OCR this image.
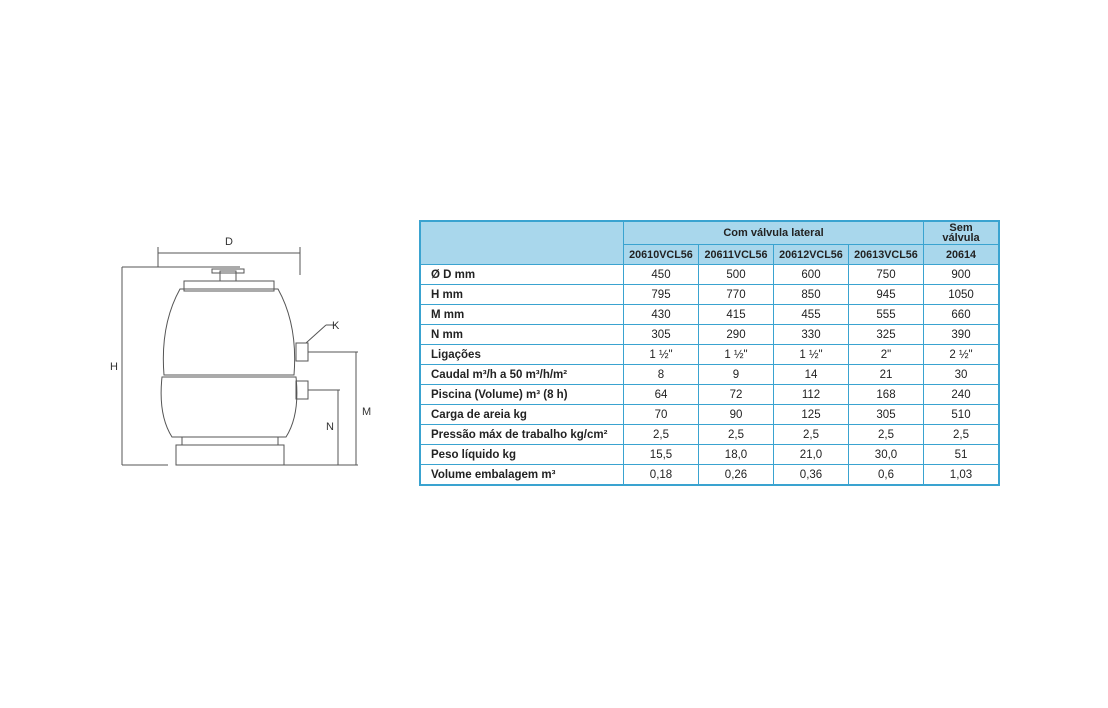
D
H
K
M
N
	Com válvula lateral				Sem
válvula
	20610VCL56	20611VCL56	20612VCL56	20613VCL56	20614
Ø D mm	450	500	600	750	900
H mm	795	770	850	945	1050
M mm	430	415	455	555	660
N mm	305	290	330	325	390
Ligações	1 ½"	1 ½"	1 ½"	2"	2 ½"
Caudal m³/h a 50 m³/h/m²	8	9	14	21	30
Piscina (Volume) m³ (8 h)	64	72	112	168	240
Carga de areia kg	70	90	125	305	510
Pressão máx de trabalho kg/cm²	2,5	2,5	2,5	2,5	2,5
Peso líquido kg	15,5	18,0	21,0	30,0	51
Volume embalagem m³	0,18	0,26	0,36	0,6	1,03
